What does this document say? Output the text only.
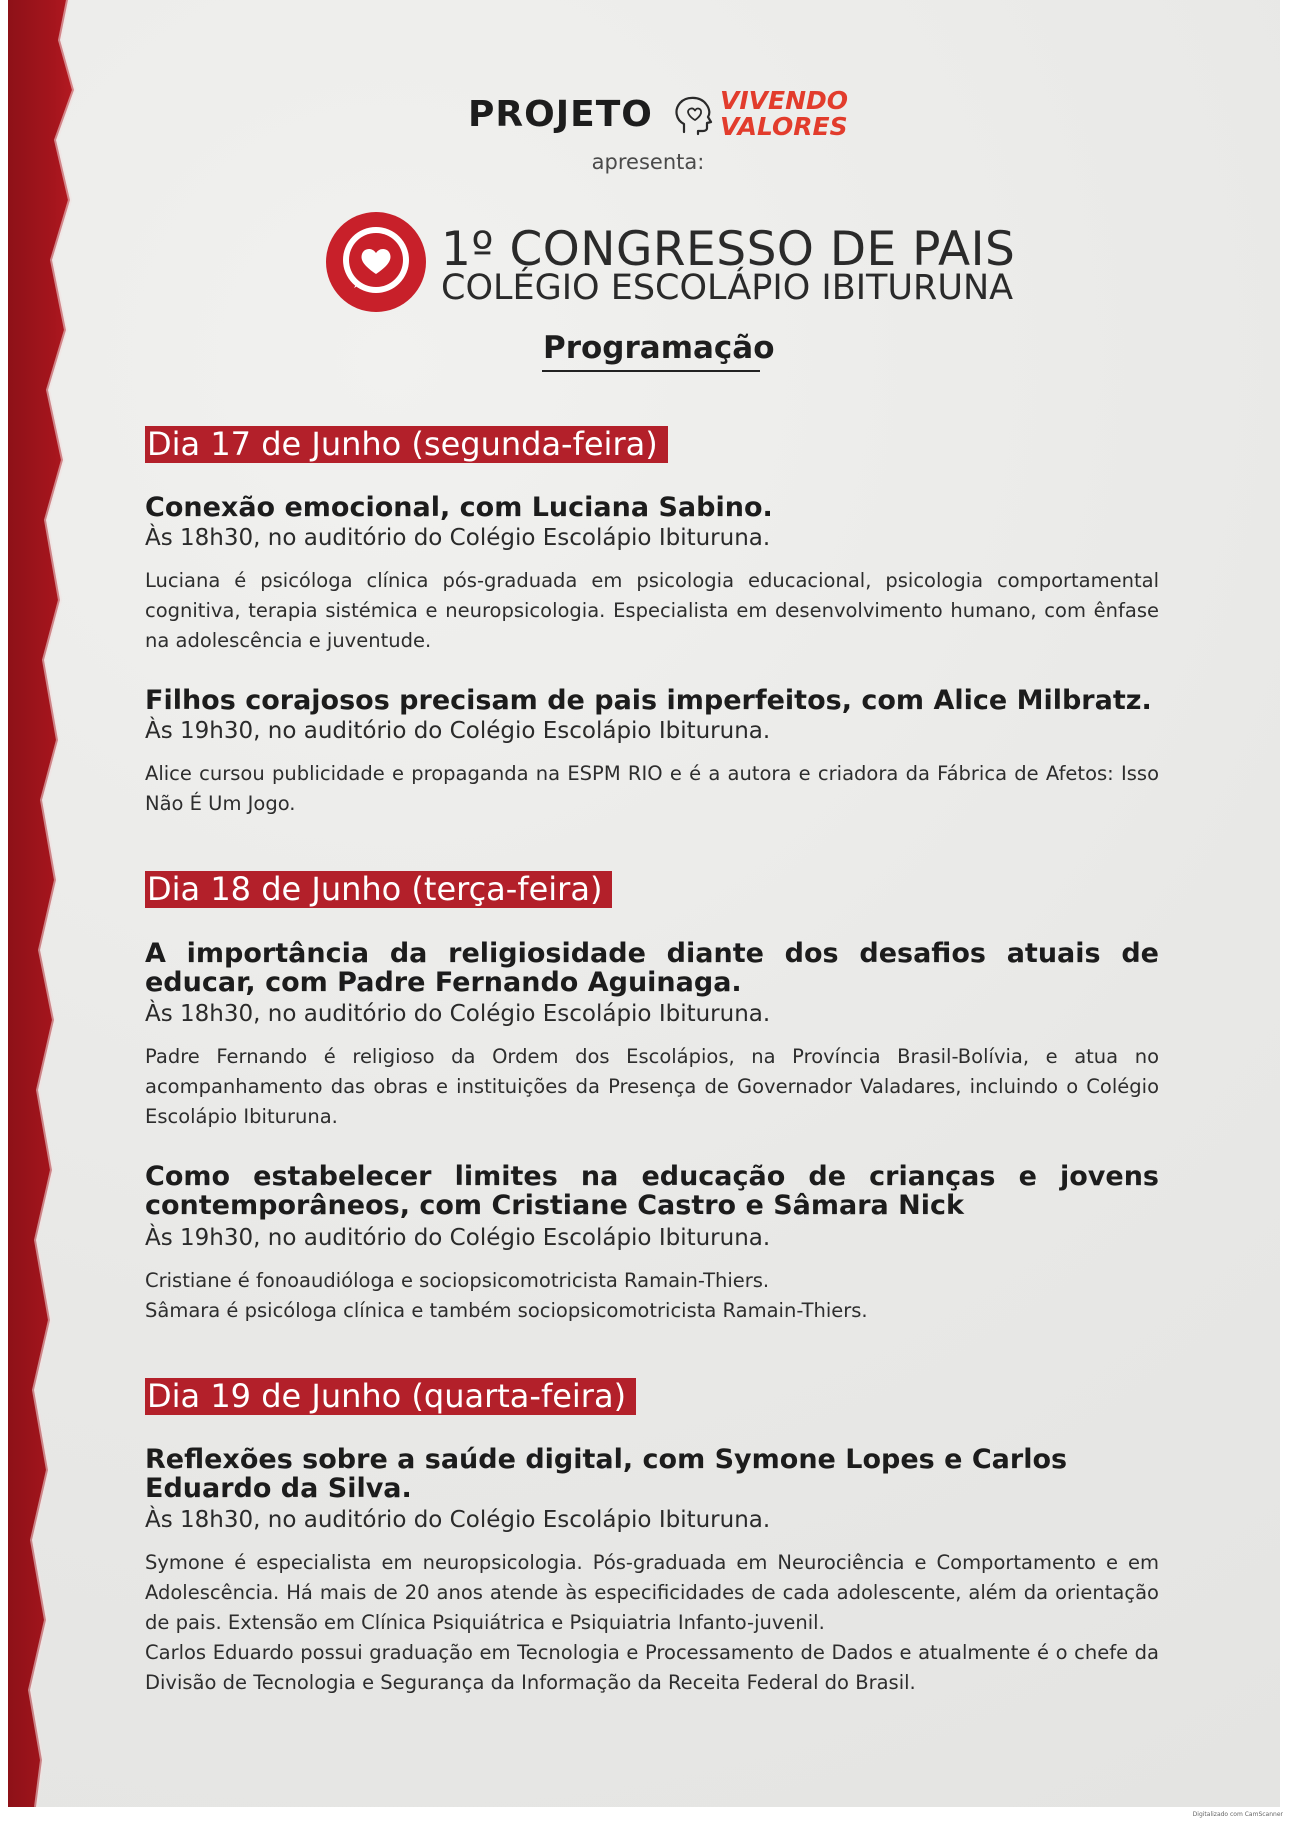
PROJETO	VIVENDO
VALORES
apresenta:
1º CONGRESSO DE PAIS
COLÉGIO ESCOLÁPIO IBITURUNA
Programação
Dia 17 de Junho (segunda-feira)
Conexão emocional, com Luciana Sabino.
Às 18h30, no auditório do Colégio Escolápio Ibituruna.
Luciana é psicóloga clínica pós-graduada em psicologia educacional, psicologia comportamental cognitiva, terapia sistémica e neuropsicologia. Especialista em desenvolvimento humano, com ênfase na adolescência e juventude.
Filhos corajosos precisam de pais imperfeitos, com Alice Milbratz.
Às 19h30, no auditório do Colégio Escolápio Ibituruna.
Alice cursou publicidade e propaganda na ESPM RIO e é a autora e criadora da Fábrica de Afetos: Isso Não É Um Jogo.
Dia 18 de Junho (terça-feira)
A importância da religiosidade diante dos desafios atuais de educar, com Padre Fernando Aguinaga.
Às 18h30, no auditório do Colégio Escolápio Ibituruna.
Padre Fernando é religioso da Ordem dos Escolápios, na Província Brasil-Bolívia, e atua no acompanhamento das obras e instituições da Presença de Governador Valadares, incluindo o Colégio Escolápio Ibituruna.
Como estabelecer limites na educação de crianças e jovens contemporâneos, com Cristiane Castro e Sâmara Nick
Às 19h30, no auditório do Colégio Escolápio Ibituruna.
Cristiane é fonoaudióloga e sociopsicomotricista Ramain-Thiers.
Sâmara é psicóloga clínica e também sociopsicomotricista Ramain-Thiers.
Dia 19 de Junho (quarta-feira)
Reflexões sobre a saúde digital, com Symone Lopes e Carlos Eduardo da Silva.
Às 18h30, no auditório do Colégio Escolápio Ibituruna.
Symone é especialista em neuropsicologia. Pós-graduada em Neurociência e Comportamento e em Adolescência. Há mais de 20 anos atende às especificidades de cada adolescente, além da orientação de pais. Extensão em Clínica Psiquiátrica e Psiquiatria Infanto-juvenil.
Carlos Eduardo possui graduação em Tecnologia e Processamento de Dados e atualmente é o chefe da Divisão de Tecnologia e Segurança da Informação da Receita Federal do Brasil.
Digitalizado com CamScanner
